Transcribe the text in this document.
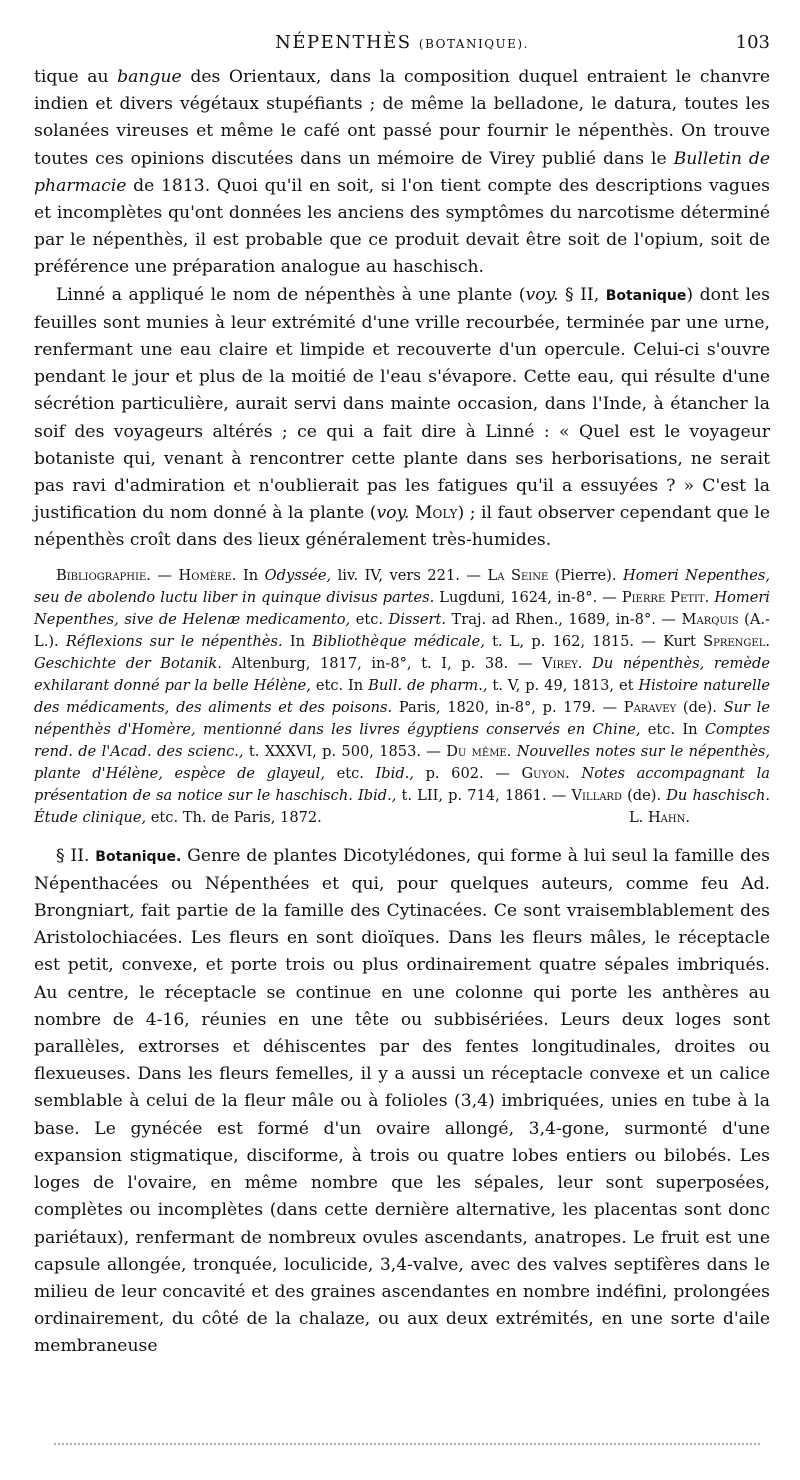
NÉPENTHÈS (BOTANIQUE).	103

tique au bangue des Orientaux, dans la composition duquel entraient le chanvre indien et divers végétaux stupéfiants ; de même la belladone, le datura, toutes les solanées vireuses et même le café ont passé pour fournir le népenthès. On trouve toutes ces opinions discutées dans un mémoire de Virey publié dans le Bulletin de pharmacie de 1813. Quoi qu'il en soit, si l'on tient compte des descriptions vagues et incomplètes qu'ont données les anciens des symptômes du narcotisme déterminé par le népenthès, il est probable que ce produit devait être soit de l'opium, soit de préférence une préparation analogue au haschisch.

Linné a appliqué le nom de népenthès à une plante (voy. § II, Botanique) dont les feuilles sont munies à leur extrémité d'une vrille recourbée, terminée par une urne, renfermant une eau claire et limpide et recouverte d'un opercule. Celui-ci s'ouvre pendant le jour et plus de la moitié de l'eau s'évapore. Cette eau, qui résulte d'une sécrétion particulière, aurait servi dans mainte occasion, dans l'Inde, à étancher la soif des voyageurs altérés ; ce qui a fait dire à Linné : « Quel est le voyageur botaniste qui, venant à rencontrer cette plante dans ses herborisations, ne serait pas ravi d'admiration et n'oublierait pas les fatigues qu'il a essuyées ? » C'est la justification du nom donné à la plante (voy. Moly) ; il faut observer cependant que le népenthès croît dans des lieux généralement très-humides.

Bibliographie. — Homère. In Odyssée, liv. IV, vers 221. — La Seine (Pierre). Homeri Nepenthes, seu de abolendo luctu liber in quinque divisus partes. Lugduni, 1624, in-8°. — Pierre Petit. Homeri Nepenthes, sive de Helenæ medicamento, etc. Dissert. Traj. ad Rhen., 1689, in-8°. — Marquis (A.-L.). Réflexions sur le népenthès. In Bibliothèque médicale, t. L, p. 162, 1815. — Kurt Sprengel. Geschichte der Botanik. Altenburg, 1817, in-8°, t. I, p. 38. — Virey. Du népenthès, remède exhilarant donné par la belle Hélène, etc. In Bull. de pharm., t. V, p. 49, 1813, et Histoire naturelle des médicaments, des aliments et des poisons. Paris, 1820, in-8°, p. 179. — Paravey (de). Sur le népenthès d'Homère, mentionné dans les livres égyptiens conservés en Chine, etc. In Comptes rend. de l'Acad. des scienc., t. XXXVI, p. 500, 1853. — Du même. Nouvelles notes sur le népenthès, plante d'Hélène, espèce de glayeul, etc. Ibid., p. 602. — Guyon. Notes accompagnant la présentation de sa notice sur le haschisch. Ibid., t. LII, p. 714, 1861. — Villard (de). Du haschisch. Étude clinique, etc. Th. de Paris, 1872.	L. Hahn.

§ II. Botanique. Genre de plantes Dicotylédones, qui forme à lui seul la famille des Népenthacées ou Népenthées et qui, pour quelques auteurs, comme feu Ad. Brongniart, fait partie de la famille des Cytinacées. Ce sont vraisemblablement des Aristolochiacées. Les fleurs en sont dioïques. Dans les fleurs mâles, le réceptacle est petit, convexe, et porte trois ou plus ordinairement quatre sépales imbriqués. Au centre, le réceptacle se continue en une colonne qui porte les anthères au nombre de 4-16, réunies en une tête ou subbisériées. Leurs deux loges sont parallèles, extrorses et déhiscentes par des fentes longitudinales, droites ou flexueuses. Dans les fleurs femelles, il y a aussi un réceptacle convexe et un calice semblable à celui de la fleur mâle ou à folioles (3,4) imbriquées, unies en tube à la base. Le gynécée est formé d'un ovaire allongé, 3,4-gone, surmonté d'une expansion stigmatique, disciforme, à trois ou quatre lobes entiers ou bilobés. Les loges de l'ovaire, en même nombre que les sépales, leur sont superposées, complètes ou incomplètes (dans cette dernière alternative, les placentas sont donc pariétaux), renfermant de nombreux ovules ascendants, anatropes. Le fruit est une capsule allongée, tronquée, loculicide, 3,4-valve, avec des valves septifères dans le milieu de leur concavité et des graines ascendantes en nombre indéfini, prolongées ordinairement, du côté de la chalaze, ou aux deux extrémités, en une sorte d'aile membraneuse
